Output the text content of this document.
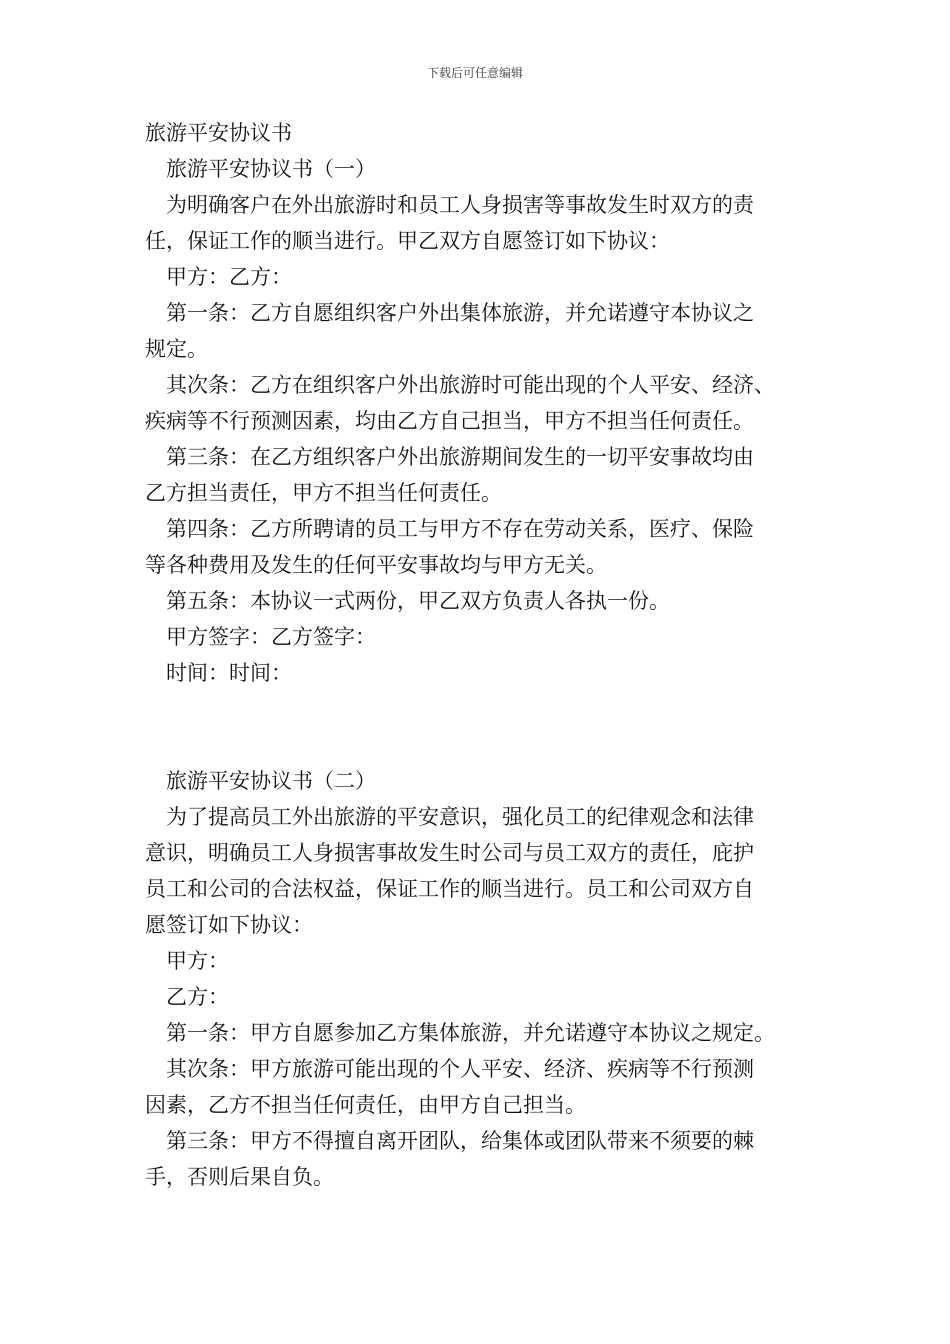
下载后可任意编辑
旅游平安协议书
旅游平安协议书（一）
为明确客户在外出旅游时和员工人身损害等事故发生时双方的责
任，保证工作的顺当进行。甲乙双方自愿签订如下协议：
甲方：乙方：
第一条：乙方自愿组织客户外出集体旅游，并允诺遵守本协议之
规定。
其次条：乙方在组织客户外出旅游时可能出现的个人平安、经济、
疾病等不行预测因素，均由乙方自己担当，甲方不担当任何责任。
第三条：在乙方组织客户外出旅游期间发生的一切平安事故均由
乙方担当责任，甲方不担当任何责任。
第四条：乙方所聘请的员工与甲方不存在劳动关系，医疗、保险
等各种费用及发生的任何平安事故均与甲方无关。
第五条：本协议一式两份，甲乙双方负责人各执一份。
甲方签字：乙方签字：
时间：时间：
旅游平安协议书（二）
为了提高员工外出旅游的平安意识，强化员工的纪律观念和法律
意识，明确员工人身损害事故发生时公司与员工双方的责任，庇护
员工和公司的合法权益，保证工作的顺当进行。员工和公司双方自
愿签订如下协议：
甲方：
乙方：
第一条：甲方自愿参加乙方集体旅游，并允诺遵守本协议之规定。
其次条：甲方旅游可能出现的个人平安、经济、疾病等不行预测
因素，乙方不担当任何责任，由甲方自己担当。
第三条：甲方不得擅自离开团队，给集体或团队带来不须要的棘
手，否则后果自负。
